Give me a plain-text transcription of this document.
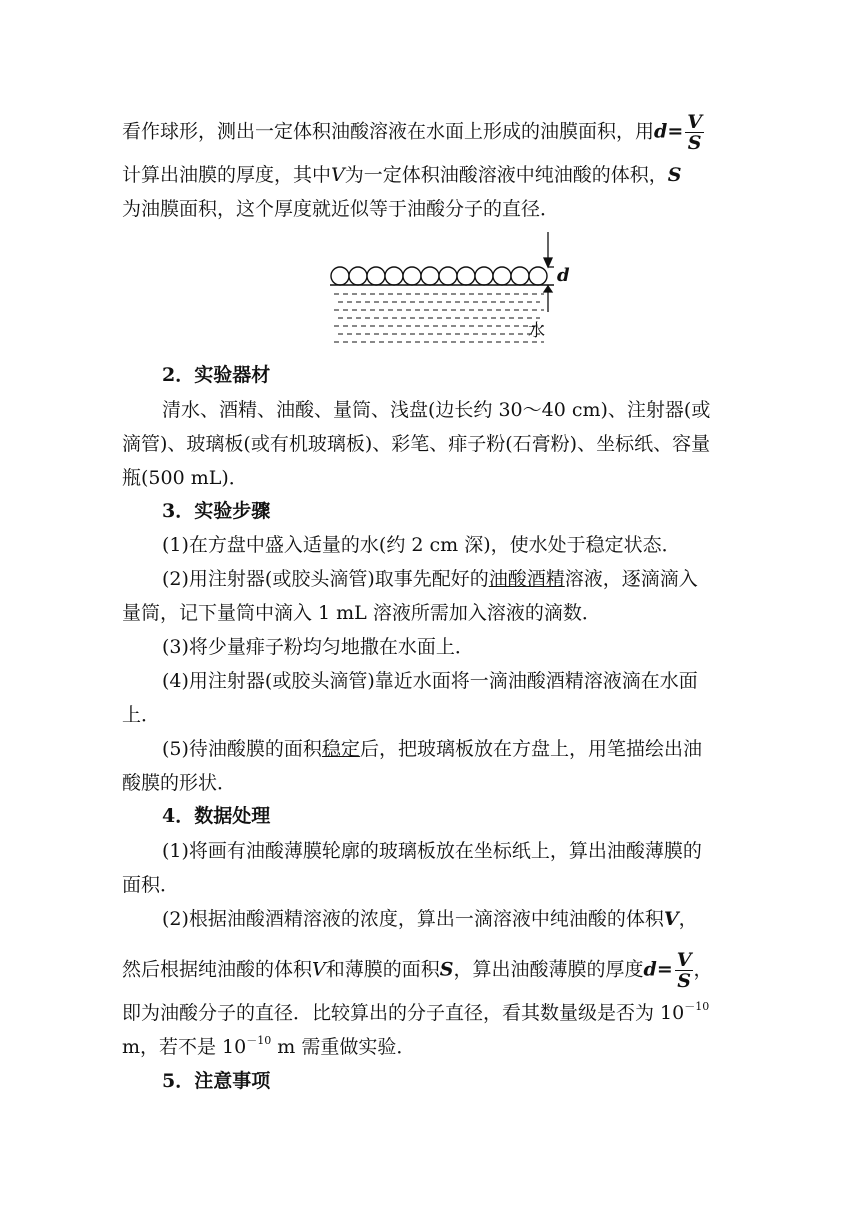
看作球形，测出一定体积油酸溶液在水面上形成的油膜面积，用$d= \frac{V}{S}$
计算出油膜的厚度，其中V为一定体积油酸溶液中纯油酸的体积，S
为油膜面积，这个厚度就近似等于油酸分子的直径．
d
水
2．实验器材
清水、酒精、油酸、量筒、浅盘(边长约 30～40 cm)、注射器(或
滴管)、玻璃板(或有机玻璃板)、彩笔、痱子粉(石膏粉)、坐标纸、容量
瓶(500 mL)．
3．实验步骤
(1)在方盘中盛入适量的水(约 2 cm 深)，使水处于稳定状态．
(2)用注射器(或胶头滴管)取事先配好的油酸酒精溶液，逐滴滴入
量筒，记下量筒中滴入 1 mL 溶液所需加入溶液的滴数．
(3)将少量痱子粉均匀地撒在水面上．
(4)用注射器(或胶头滴管)靠近水面将一滴油酸酒精溶液滴在水面
上．
(5)待油酸膜的面积稳定后，把玻璃板放在方盘上，用笔描绘出油
酸膜的形状．
4．数据处理
(1)将画有油酸薄膜轮廓的玻璃板放在坐标纸上，算出油酸薄膜的
面积．
(2)根据油酸酒精溶液的浓度，算出一滴溶液中纯油酸的体积V，
然后根据纯油酸的体积V和薄膜的面积S，算出油酸薄膜的厚度$d= \frac{V}{S}$ ，
即为油酸分子的直径．比较算出的分子直径，看其数量级是否为 $10^{-10}$
m，若不是 $10^{-10}$ m 需重做实验．
5．注意事项
